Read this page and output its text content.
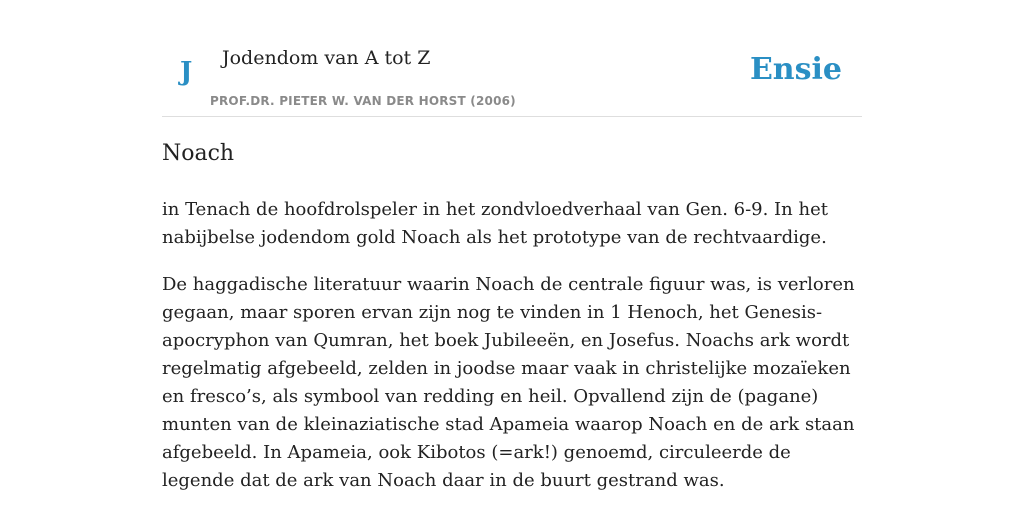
J Jodendom van A tot Z
PROF.DR. PIETER W. VAN DER HORST (2006)
Ensie
Noach

in Tenach de hoofdrolspeler in het zondvloedverhaal van Gen. 6-9. In het nabijbelse jodendom gold Noach als het prototype van de rechtvaardige.

De haggadische literatuur waarin Noach de centrale figuur was, is verloren gegaan, maar sporen ervan zijn nog te vinden in 1 Henoch, het Genesis-apocryphon van Qumran, het boek Jubileeën, en Josefus. Noachs ark wordt regelmatig afgebeeld, zelden in joodse maar vaak in christelijke mozaïeken en fresco’s, als symbool van redding en heil. Opvallend zijn de (pagane) munten van de kleinaziatische stad Apameia waarop Noach en de ark staan afgebeeld. In Apameia, ook Kibotos (=ark!) genoemd, circuleerde de legende dat de ark van Noach daar in de buurt gestrand was.
